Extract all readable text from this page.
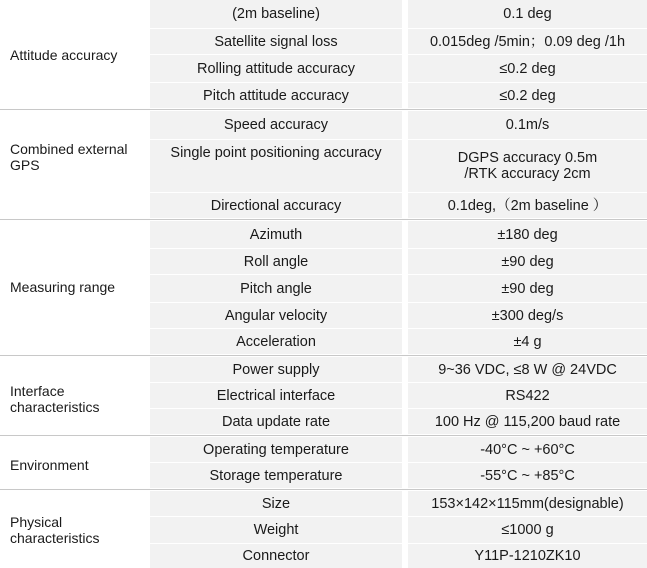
Attitude accuracy
(2m baseline)	0.1 deg
Satellite signal loss	0.015deg /5min；0.09 deg /1h
Rolling attitude accuracy	≤0.2 deg
Pitch attitude accuracy	≤0.2 deg
Combined external GPS
Speed accuracy	0.1m/s
Single point positioning accuracy	DGPS accuracy 0.5m
/RTK accuracy 2cm
Directional accuracy	0.1deg,（2m baseline ）
Measuring range
Azimuth	±180 deg
Roll angle	±90 deg
Pitch angle	±90 deg
Angular velocity	±300 deg/s
Acceleration	±4 g
Interface characteristics
Power supply	9~36 VDC, ≤8 W @ 24VDC
Electrical interface	RS422
Data update rate	100 Hz @ 115,200 baud rate
Environment
Operating temperature	-40°C ~ +60°C
Storage temperature	-55°C ~ +85°C
Physical characteristics
Size	153×142×115mm(designable)
Weight	≤1000 g
Connector	Y11P-1210ZK10
